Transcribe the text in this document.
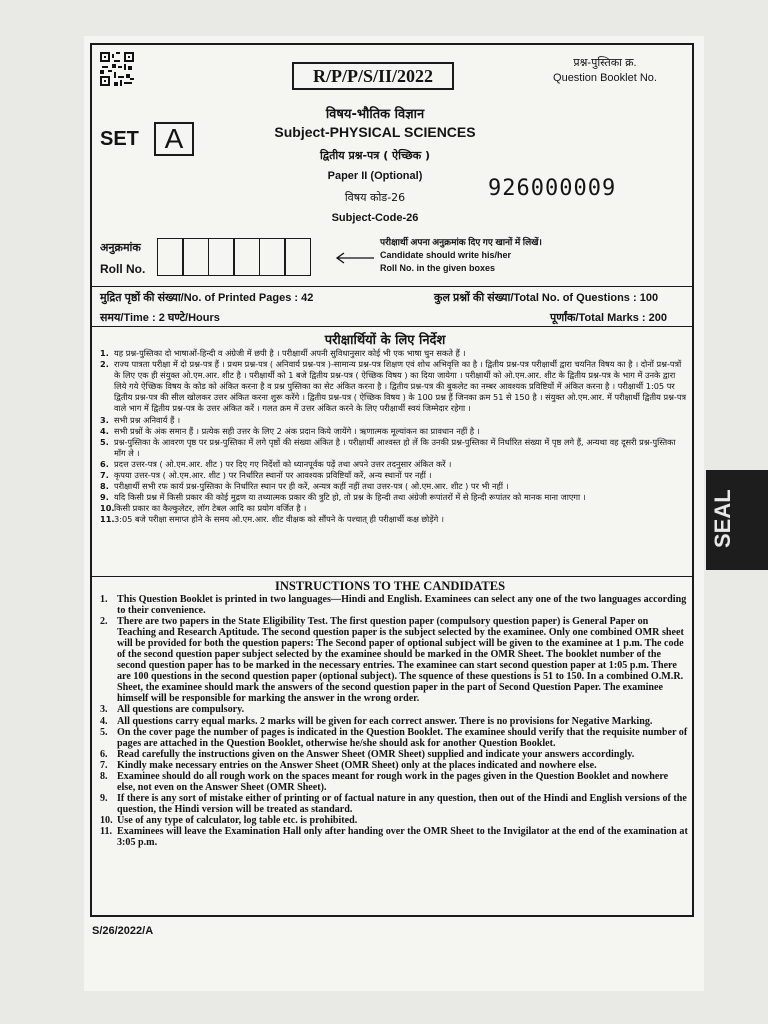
R/P/P/S/II/2022
प्रश्न-पुस्तिका क्र.
Question Booklet No.
विषय-भौतिक विज्ञान
Subject-PHYSICAL SCIENCES
द्वितीय प्रश्न-पत्र ( ऐच्छिक )
Paper II (Optional)
विषय कोड-26
Subject-Code-26
SET A
926000009
अनुक्रमांक
Roll No.
परीक्षार्थी अपना अनुक्रमांक दिए गए खानों में लिखें।
Candidate should write his/her
Roll No. in the given boxes
मुद्रित पृष्ठों की संख्या/No. of Printed Pages : 42	कुल प्रश्नों की संख्या/Total No. of Questions : 100
समय/Time : 2 घण्टे/Hours	पूर्णांक/Total Marks : 200
परीक्षार्थियों के लिए निर्देश
1. यह प्रश्न-पुस्तिका दो भाषाओं-हिन्दी व अंग्रेजी में छपी है । परीक्षार्थी अपनी सुविधानुसार कोई भी एक भाषा चुन सकते हैं ।
2. राज्य पात्रता परीक्षा में दो प्रश्न-पत्र हैं । प्रथम प्रश्न-पत्र ( अनिवार्य प्रश्न-पत्र )-सामान्य प्रश्न-पत्र शिक्षण एवं शोध अभिवृत्ति का है । द्वितीय प्रश्न-पत्र परीक्षार्थी द्वारा चयनित विषय का है । दोनों प्रश्न-पत्रों के लिए एक ही संयुक्त ओ.एम.आर. शीट है । परीक्षार्थी को 1 बजे द्वितीय प्रश्न-पत्र ( ऐच्छिक विषय ) का दिया जायेगा । परीक्षार्थी को ओ.एम.आर. शीट के द्वितीय प्रश्न-पत्र के भाग में उनके द्वारा लिये गये ऐच्छिक विषय के कोड को अंकित करना है व प्रश्न पुस्तिका का सेट अंकित करना है । द्वितीय प्रश्न-पत्र की बुकलेट का नम्बर आवश्यक प्रविष्टियों में अंकित करना है । परीक्षार्थी 1:05 पर द्वितीय प्रश्न-पत्र की सील खोलकर उत्तर अंकित करना शुरू करेंगे । द्वितीय प्रश्न-पत्र ( ऐच्छिक विषय ) के 100 प्रश्न हैं जिनका क्रम 51 से 150 है । संयुक्त ओ.एम.आर. में परीक्षार्थी द्वितीय प्रश्न-पत्र वाले भाग में द्वितीय प्रश्न-पत्र के उत्तर अंकित करें । गलत क्रम में उत्तर अंकित करने के लिए परीक्षार्थी स्वयं जिम्मेदार रहेगा ।
3. सभी प्रश्न अनिवार्य हैं ।
4. सभी प्रश्नों के अंक समान हैं । प्रत्येक सही उत्तर के लिए 2 अंक प्रदान किये जायेंगे । ऋणात्मक मूल्यांकन का प्रावधान नहीं है ।
5. प्रश्न-पुस्तिका के आवरण पृष्ठ पर प्रश्न-पुस्तिका में लगे पृष्ठों की संख्या अंकित है । परीक्षार्थी आश्वस्त हो लें कि उनकी प्रश्न-पुस्तिका में निर्धारित संख्या में पृष्ठ लगे हैं, अन्यथा वह दूसरी प्रश्न-पुस्तिका माँग ले ।
6. प्रदत्त उत्तर-पत्र ( ओ.एम.आर. शीट ) पर दिए गए निर्देशों को ध्यानपूर्वक पढ़ें तथा अपने उत्तर तदनुसार अंकित करें ।
7. कृपया उत्तर-पत्र ( ओ.एम.आर. शीट ) पर निर्धारित स्थानों पर आवश्यक प्रविष्टियाँ करें, अन्य स्थानों पर नहीं ।
8. परीक्षार्थी सभी रफ कार्य प्रश्न-पुस्तिका के निर्धारित स्थान पर ही करें, अन्यत्र कहीं नहीं तथा उत्तर-पत्र ( ओ.एम.आर. शीट ) पर भी नहीं ।
9. यदि किसी प्रश्न में किसी प्रकार की कोई मुद्रण या तथ्यात्मक प्रकार की त्रुटि हो, तो प्रश्न के हिन्दी तथा अंग्रेजी रूपांतरों में से हिन्दी रूपांतर को मानक माना जाएगा ।
10. किसी प्रकार का कैल्कुलेटर, लॉग टेबल आदि का प्रयोग वर्जित है ।
11. 3:05 बजे परीक्षा समाप्त होने के समय ओ.एम.आर. शीट वीक्षक को सौंपने के पश्चात् ही परीक्षार्थी कक्ष छोड़ेंगे ।
INSTRUCTIONS TO THE CANDIDATES
1. This Question Booklet is printed in two languages—Hindi and English. Examinees can select any one of the two languages according to their convenience.
2. There are two papers in the State Eligibility Test. The first question paper (compulsory question paper) is General Paper on Teaching and Research Aptitude. The second question paper is the subject selected by the examinee. Only one combined OMR sheet will be provided for both the question papers: The Second paper of optional subject will be given to the examinee at 1 p.m. The code of the second question paper subject selected by the examinee should be marked in the OMR Sheet. The booklet number of the second question paper has to be marked in the necessary entries. The examinee can start second question paper at 1:05 p.m. There are 100 questions in the second question paper (optional subject). The squence of these questions is 51 to 150. In a combined O.M.R. Sheet, the examinee should mark the answers of the second question paper in the part of Second Question Paper. The examinee himself will be responsible for marking the answer in the wrong order.
3. All questions are compulsory.
4. All questions carry equal marks. 2 marks will be given for each correct answer. There is no provisions for Negative Marking.
5. On the cover page the number of pages is indicated in the Question Booklet. The examinee should verify that the requisite number of pages are attached in the Question Booklet, otherwise he/she should ask for another Question Booklet.
6. Read carefully the instructions given on the Answer Sheet (OMR Sheet) supplied and indicate your answers accordingly.
7. Kindly make necessary entries on the Answer Sheet (OMR Sheet) only at the places indicated and nowhere else.
8. Examinee should do all rough work on the spaces meant for rough work in the pages given in the Question Booklet and nowhere else, not even on the Answer Sheet (OMR Sheet).
9. If there is any sort of mistake either of printing or of factual nature in any question, then out of the Hindi and English versions of the question, the Hindi version will be treated as standard.
10. Use of any type of calculator, log table etc. is prohibited.
11. Examinees will leave the Examination Hall only after handing over the OMR Sheet to the Invigilator at the end of the examination at 3:05 p.m.
S/26/2022/A
SEAL
